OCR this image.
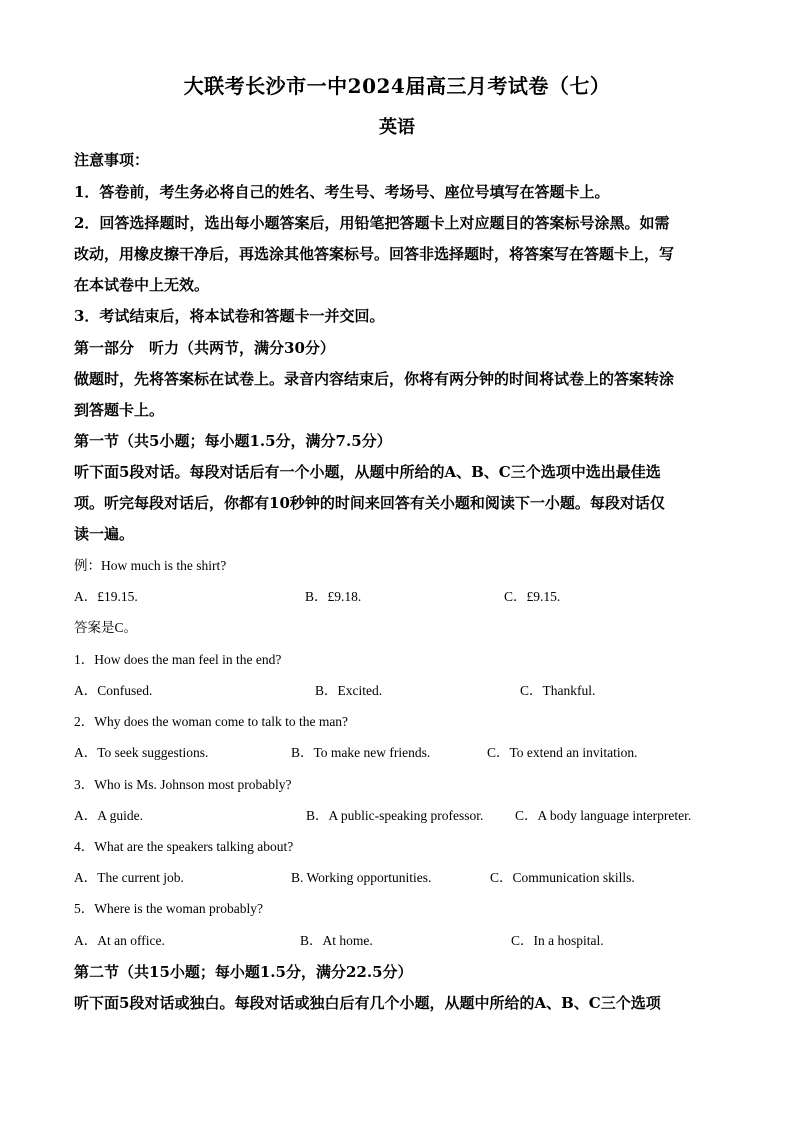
大联考长沙市一中2024届高三月考试卷（七）
英语
注意事项：
1．答卷前，考生务必将自己的姓名、考生号、考场号、座位号填写在答题卡上。
2．回答选择题时，选出每小题答案后，用铅笔把答题卡上对应题目的答案标号涂黑。如需
改动，用橡皮擦干净后，再选涂其他答案标号。回答非选择题时，将答案写在答题卡上，写
在本试卷中上无效。
3．考试结束后，将本试卷和答题卡一并交回。
第一部分　听力（共两节，满分30分）
做题时，先将答案标在试卷上。录音内容结束后，你将有两分钟的时间将试卷上的答案转涂
到答题卡上。
第一节（共5小题；每小题1.5分，满分7.5分）
听下面5段对话。每段对话后有一个小题，从题中所给的A、B、C三个选项中选出最佳选
项。听完每段对话后，你都有10秒钟的时间来回答有关小题和阅读下一小题。每段对话仅
读一遍。
例：How much is the shirt?
A．£19.15.	B．£9.18.	C．£9.15.
答案是C。
1．How does the man feel in the end?
A．Confused.	B．Excited.	C．Thankful.
2．Why does the woman come to talk to the man?
A．To seek suggestions.	B．To make new friends.	C．To extend an invitation.
3．Who is Ms. Johnson most probably?
A．A guide.	B．A public-speaking professor. C．A body language interpreter.
4．What are the speakers talking about?
A．The current job.	B. Working opportunities.	C．Communication skills.
5．Where is the woman probably?
A．At an office.	B．At home.	C．In a hospital.
第二节（共15小题；每小题1.5分，满分22.5分）
听下面5段对话或独白。每段对话或独白后有几个小题，从题中所给的A、B、C三个选项
